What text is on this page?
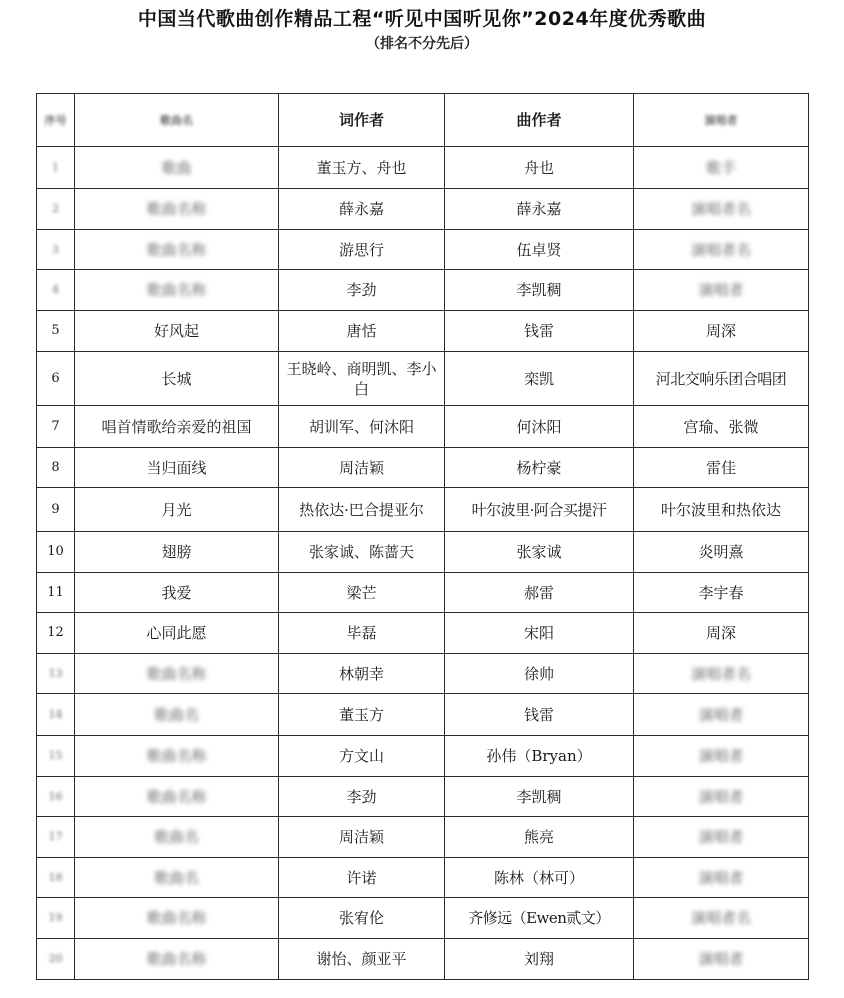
中国当代歌曲创作精品工程“听见中国听见你”2024年度优秀歌曲
（排名不分先后）
序号	歌曲名	词作者	曲作者	演唱者
1	歌曲	董玉方、舟也	舟也	歌手
2	歌曲名称	薛永嘉	薛永嘉	演唱者名
3	歌曲名称	游思行	伍卓贤	演唱者名
4	歌曲名称	李劲	李凯稠	演唱者
5	好风起	唐恬	钱雷	周深
6	长城	王晓岭、商明凯、李小白	栾凯	河北交响乐团合唱团
7	唱首情歌给亲爱的祖国	胡训军、何沐阳	何沐阳	宫瑜、张微
8	当归面线	周洁颖	杨柠豪	雷佳
9	月光	热依达·巴合提亚尔	叶尔波里·阿合买提汗	叶尔波里和热依达
10	翅膀	张家诚、陈蔷天	张家诚	炎明熹
11	我爱	梁芒	郝雷	李宇春
12	心同此愿	毕磊	宋阳	周深
13	歌曲名称	林朝幸	徐帅	演唱者名
14	歌曲名	董玉方	钱雷	演唱者
15	歌曲名称	方文山	孙伟（Bryan）	演唱者
16	歌曲名称	李劲	李凯稠	演唱者
17	歌曲名	周洁颖	熊亮	演唱者
18	歌曲名	许诺	陈林（林可）	演唱者
19	歌曲名称	张宥伦	齐修远（Ewen贰文）	演唱者名
20	歌曲名称	谢怡、颜亚平	刘翔	演唱者
